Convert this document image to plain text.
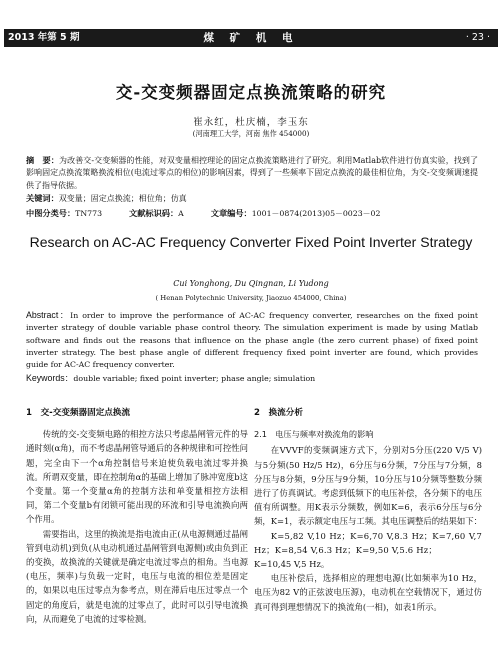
2013 年第 5 期	煤 矿 机 电	· 23 ·
交-交变频器固定点换流策略的研究
崔永红，杜庆楠，李玉东
(河南理工大学，河南 焦作 454000)
摘　要：为改善交-交变频器的性能，对双变量相控理论的固定点换流策略进行了研究。利用Matlab软件进行仿真实验，找到了影响固定点换流策略换流相位(电流过零点的相位)的影响因素，得到了一些频率下固定点换流的最佳相位角，为交-交变频调速提供了指导依据。
关键词：双变量；固定点换流；相位角；仿真
中图分类号：TN773	文献标识码：A	文章编号：1001－0874(2013)05－0023－02
Research on AC-AC Frequency Converter Fixed Point Inverter Strategy
Cui Yonghong, Du Qingnan, Li Yudong
( Henan Polytechnic University, Jiaozuo 454000, China)
Abstract：In order to improve the performance of AC-AC frequency converter, researches on the fixed point inverter strategy of double variable phase control theory. The simulation experiment is made by using Matlab software and finds out the reasons that influence on the phase angle (the zero current phase) of fixed point inverter strategy. The best phase angle of different frequency fixed point inverter are found, which provides guide for AC-AC frequency converter.
Keywords：double variable; fixed point inverter; phase angle; simulation
1　交-交变频器固定点换流

传统的交-交变频电路的相控方法只考虑晶闸管元件的导通时刻(α角)，而不考虑晶闸管导通后的各种规律和可控性问题，完全由下一个α角控制信号来迫使负载电流过零并换流。所谓双变量，即在控制角α的基础上增加了脉冲宽度b这个变量。第一个变量α角的控制方法和单变量相控方法相同，第二个变量b有闭锁可能出现的环流和引导电流换向两个作用。

需要指出，这里的换流是指电流由正(从电源侧通过晶闸管到电动机)到负(从电动机通过晶闸管到电源侧)或由负到正的变换，故换流的关键就是确定电流过零点的相角。当电源(电压，频率)与负载一定时，电压与电流的相位差是固定的，如果以电压过零点为参考点，则在滞后电压过零点一个固定的角度后，就是电流的过零点了，此时可以引导电流换向，从而避免了电流的过零检测。

2　换流分析
2.1　电压与频率对换流角的影响

在VVVF的变频调速方式下，分别对5分压(220 V/5 V)与5分频(50 Hz/5 Hz)，6分压与6分频，7分压与7分频，8分压与8分频，9分压与9分频，10分压与10分频等整数分频进行了仿真调试。考虑到低频下的电压补偿，各分频下的电压值有所调整。用K表示分频数，例如K=6，表示6分压与6分频，K=1，表示额定电压与工频。其电压调整后的结果如下：

K=5,82 V,10 Hz；K=6,70 V,8.3 Hz；K=7,60 V,7 Hz；K=8,54 V,6.3 Hz；K=9,50 V,5.6 Hz；

K=10,45 V,5 Hz。

电压补偿后，选择相应的理想电源(比如频率为10 Hz，电压为82 V的正弦波电压源)，电动机在空载情况下，通过仿真可得到理想情况下的换流角(一相)，如表1所示。
